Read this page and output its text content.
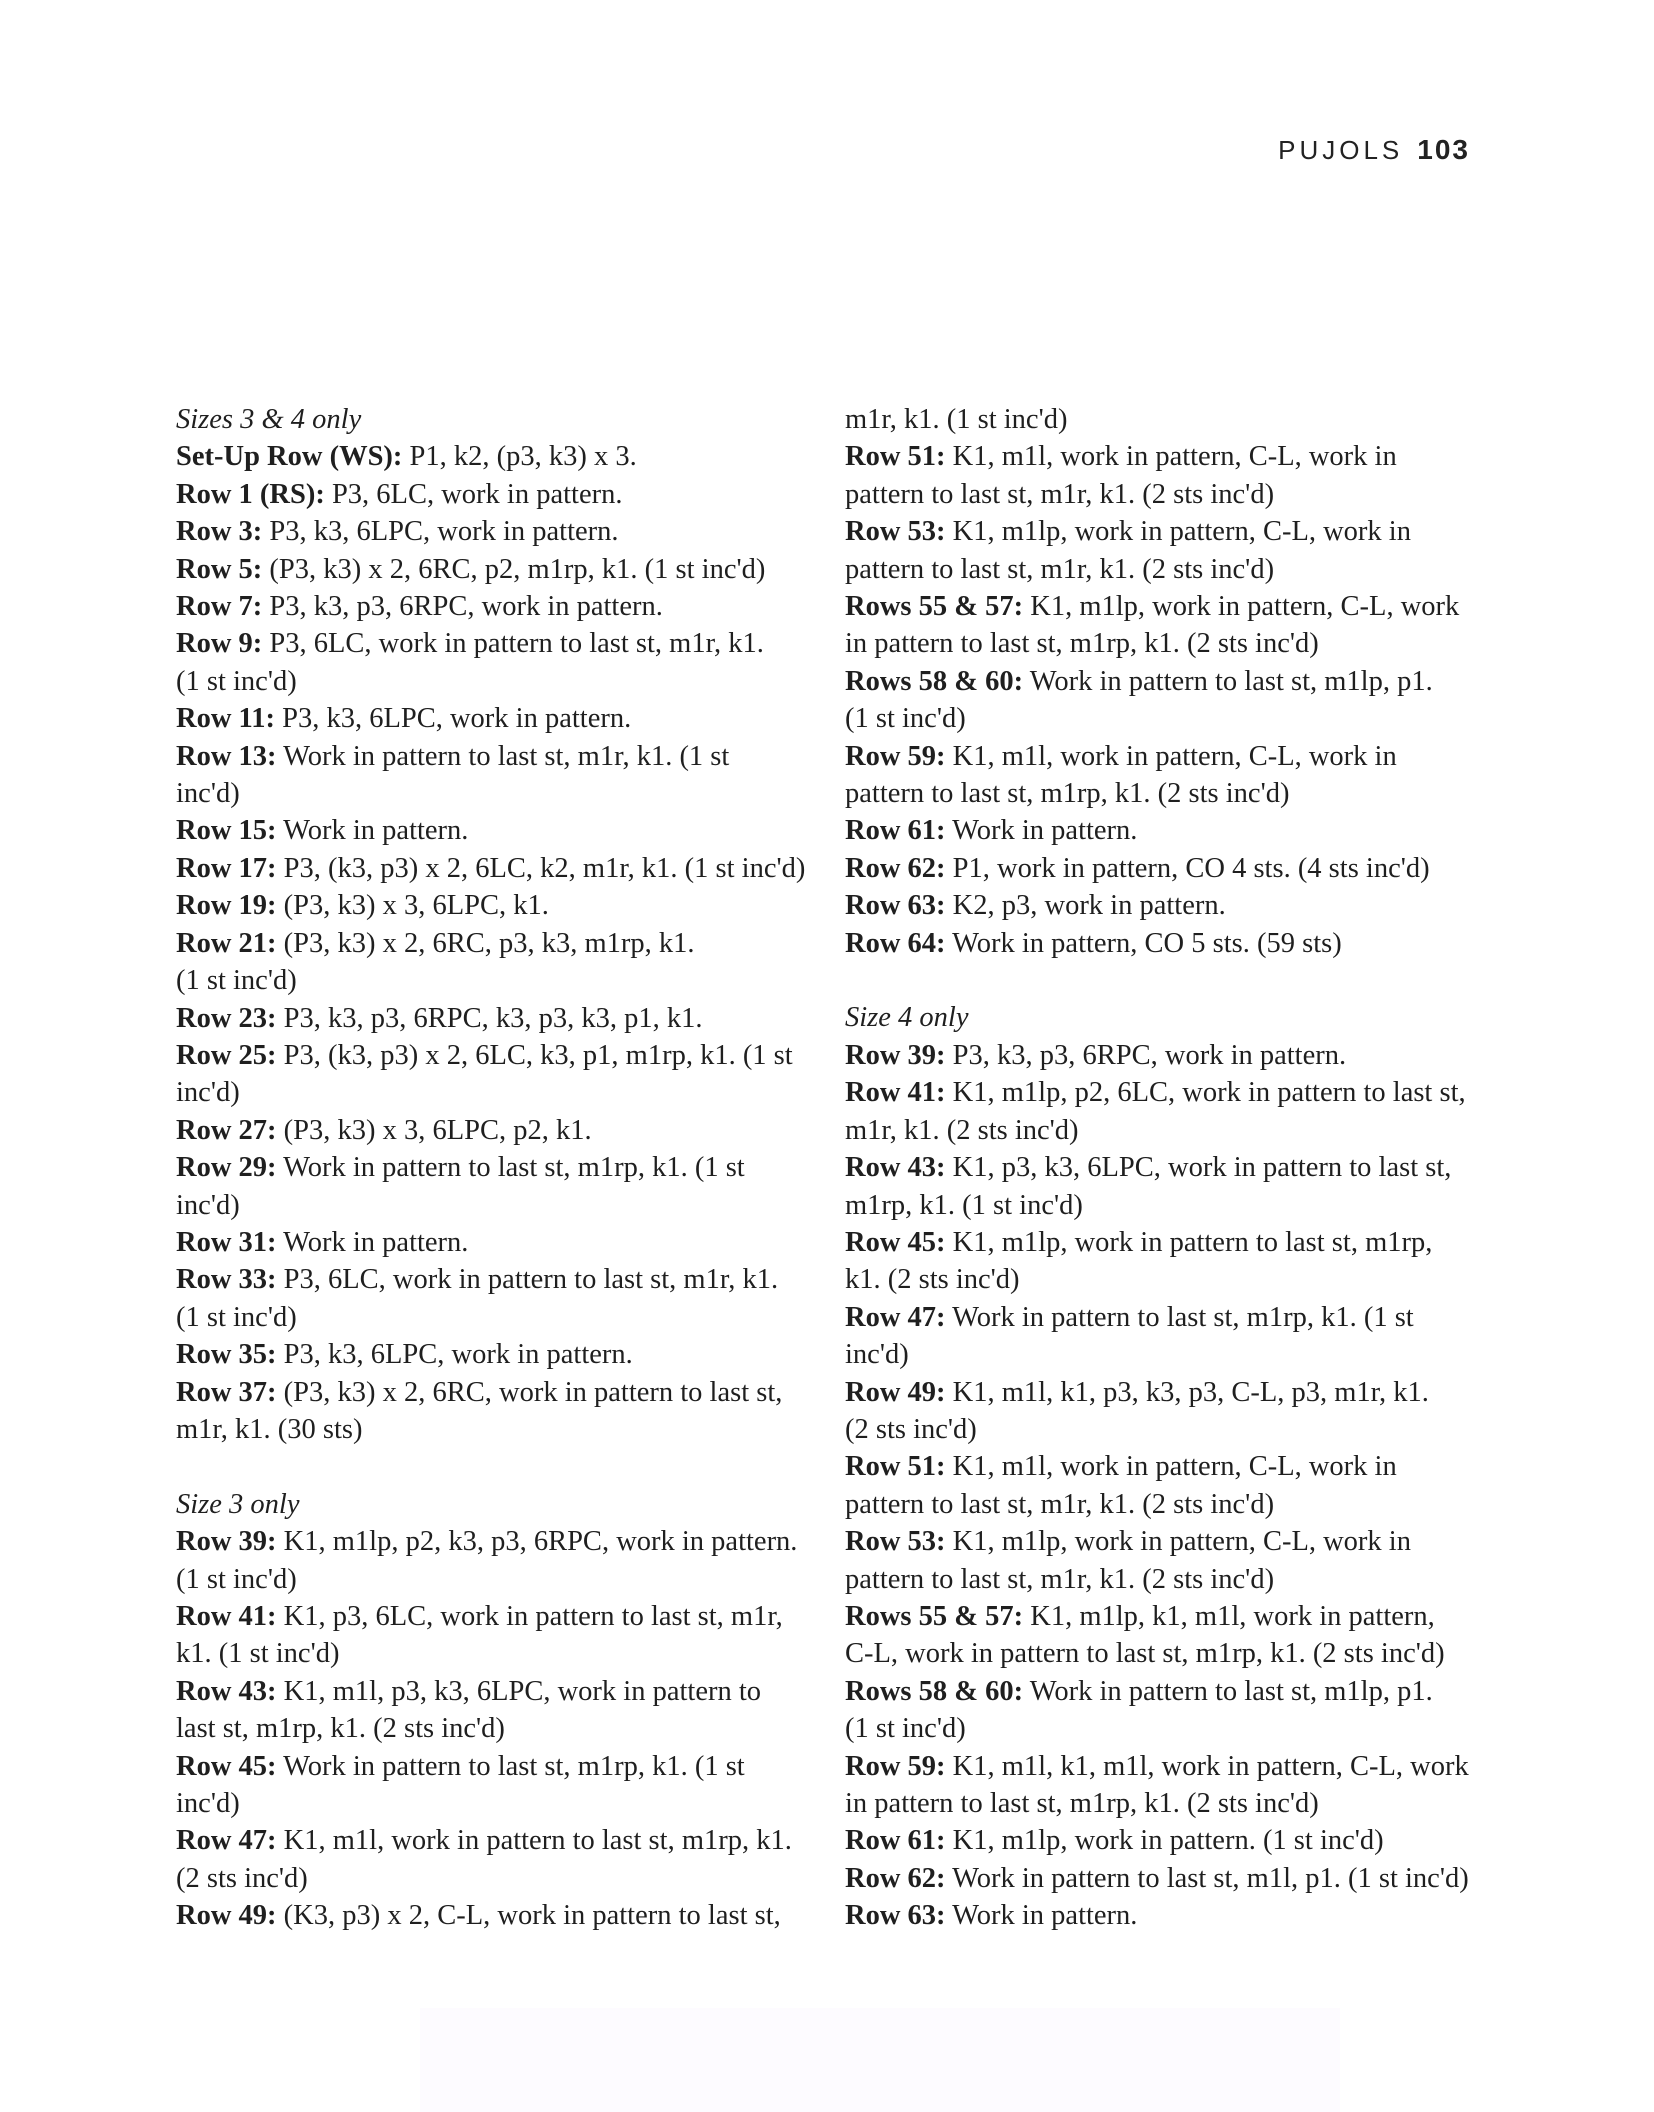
PUJOLS 103
Sizes 3 & 4 only
Set-Up Row (WS): P1, k2, (p3, k3) x 3.
Row 1 (RS): P3, 6LC, work in pattern.
Row 3: P3, k3, 6LPC, work in pattern.
Row 5: (P3, k3) x 2, 6RC, p2, m1rp, k1. (1 st inc'd)
Row 7: P3, k3, p3, 6RPC, work in pattern.
Row 9: P3, 6LC, work in pattern to last st, m1r, k1.
(1 st inc'd)
Row 11: P3, k3, 6LPC, work in pattern.
Row 13: Work in pattern to last st, m1r, k1. (1 st
inc'd)
Row 15: Work in pattern.
Row 17: P3, (k3, p3) x 2, 6LC, k2, m1r, k1. (1 st inc'd)
Row 19: (P3, k3) x 3, 6LPC, k1.
Row 21: (P3, k3) x 2, 6RC, p3, k3, m1rp, k1.
(1 st inc'd)
Row 23: P3, k3, p3, 6RPC, k3, p3, k3, p1, k1.
Row 25: P3, (k3, p3) x 2, 6LC, k3, p1, m1rp, k1. (1 st
inc'd)
Row 27: (P3, k3) x 3, 6LPC, p2, k1.
Row 29: Work in pattern to last st, m1rp, k1. (1 st
inc'd)
Row 31: Work in pattern.
Row 33: P3, 6LC, work in pattern to last st, m1r, k1.
(1 st inc'd)
Row 35: P3, k3, 6LPC, work in pattern.
Row 37: (P3, k3) x 2, 6RC, work in pattern to last st,
m1r, k1. (30 sts)
Size 3 only
Row 39: K1, m1lp, p2, k3, p3, 6RPC, work in pattern.
(1 st inc'd)
Row 41: K1, p3, 6LC, work in pattern to last st, m1r,
k1. (1 st inc'd)
Row 43: K1, m1l, p3, k3, 6LPC, work in pattern to
last st, m1rp, k1. (2 sts inc'd)
Row 45: Work in pattern to last st, m1rp, k1. (1 st
inc'd)
Row 47: K1, m1l, work in pattern to last st, m1rp, k1.
(2 sts inc'd)
Row 49: (K3, p3) x 2, C-L, work in pattern to last st,
m1r, k1. (1 st inc'd)
Row 51: K1, m1l, work in pattern, C-L, work in
pattern to last st, m1r, k1. (2 sts inc'd)
Row 53: K1, m1lp, work in pattern, C-L, work in
pattern to last st, m1r, k1. (2 sts inc'd)
Rows 55 & 57: K1, m1lp, work in pattern, C-L, work
in pattern to last st, m1rp, k1. (2 sts inc'd)
Rows 58 & 60: Work in pattern to last st, m1lp, p1.
(1 st inc'd)
Row 59: K1, m1l, work in pattern, C-L, work in
pattern to last st, m1rp, k1. (2 sts inc'd)
Row 61: Work in pattern.
Row 62: P1, work in pattern, CO 4 sts. (4 sts inc'd)
Row 63: K2, p3, work in pattern.
Row 64: Work in pattern, CO 5 sts. (59 sts)
Size 4 only
Row 39: P3, k3, p3, 6RPC, work in pattern.
Row 41: K1, m1lp, p2, 6LC, work in pattern to last st,
m1r, k1. (2 sts inc'd)
Row 43: K1, p3, k3, 6LPC, work in pattern to last st,
m1rp, k1. (1 st inc'd)
Row 45: K1, m1lp, work in pattern to last st, m1rp,
k1. (2 sts inc'd)
Row 47: Work in pattern to last st, m1rp, k1. (1 st
inc'd)
Row 49: K1, m1l, k1, p3, k3, p3, C-L, p3, m1r, k1.
(2 sts inc'd)
Row 51: K1, m1l, work in pattern, C-L, work in
pattern to last st, m1r, k1. (2 sts inc'd)
Row 53: K1, m1lp, work in pattern, C-L, work in
pattern to last st, m1r, k1. (2 sts inc'd)
Rows 55 & 57: K1, m1lp, k1, m1l, work in pattern,
C-L, work in pattern to last st, m1rp, k1. (2 sts inc'd)
Rows 58 & 60: Work in pattern to last st, m1lp, p1.
(1 st inc'd)
Row 59: K1, m1l, k1, m1l, work in pattern, C-L, work
in pattern to last st, m1rp, k1. (2 sts inc'd)
Row 61: K1, m1lp, work in pattern. (1 st inc'd)
Row 62: Work in pattern to last st, m1l, p1. (1 st inc'd)
Row 63: Work in pattern.
